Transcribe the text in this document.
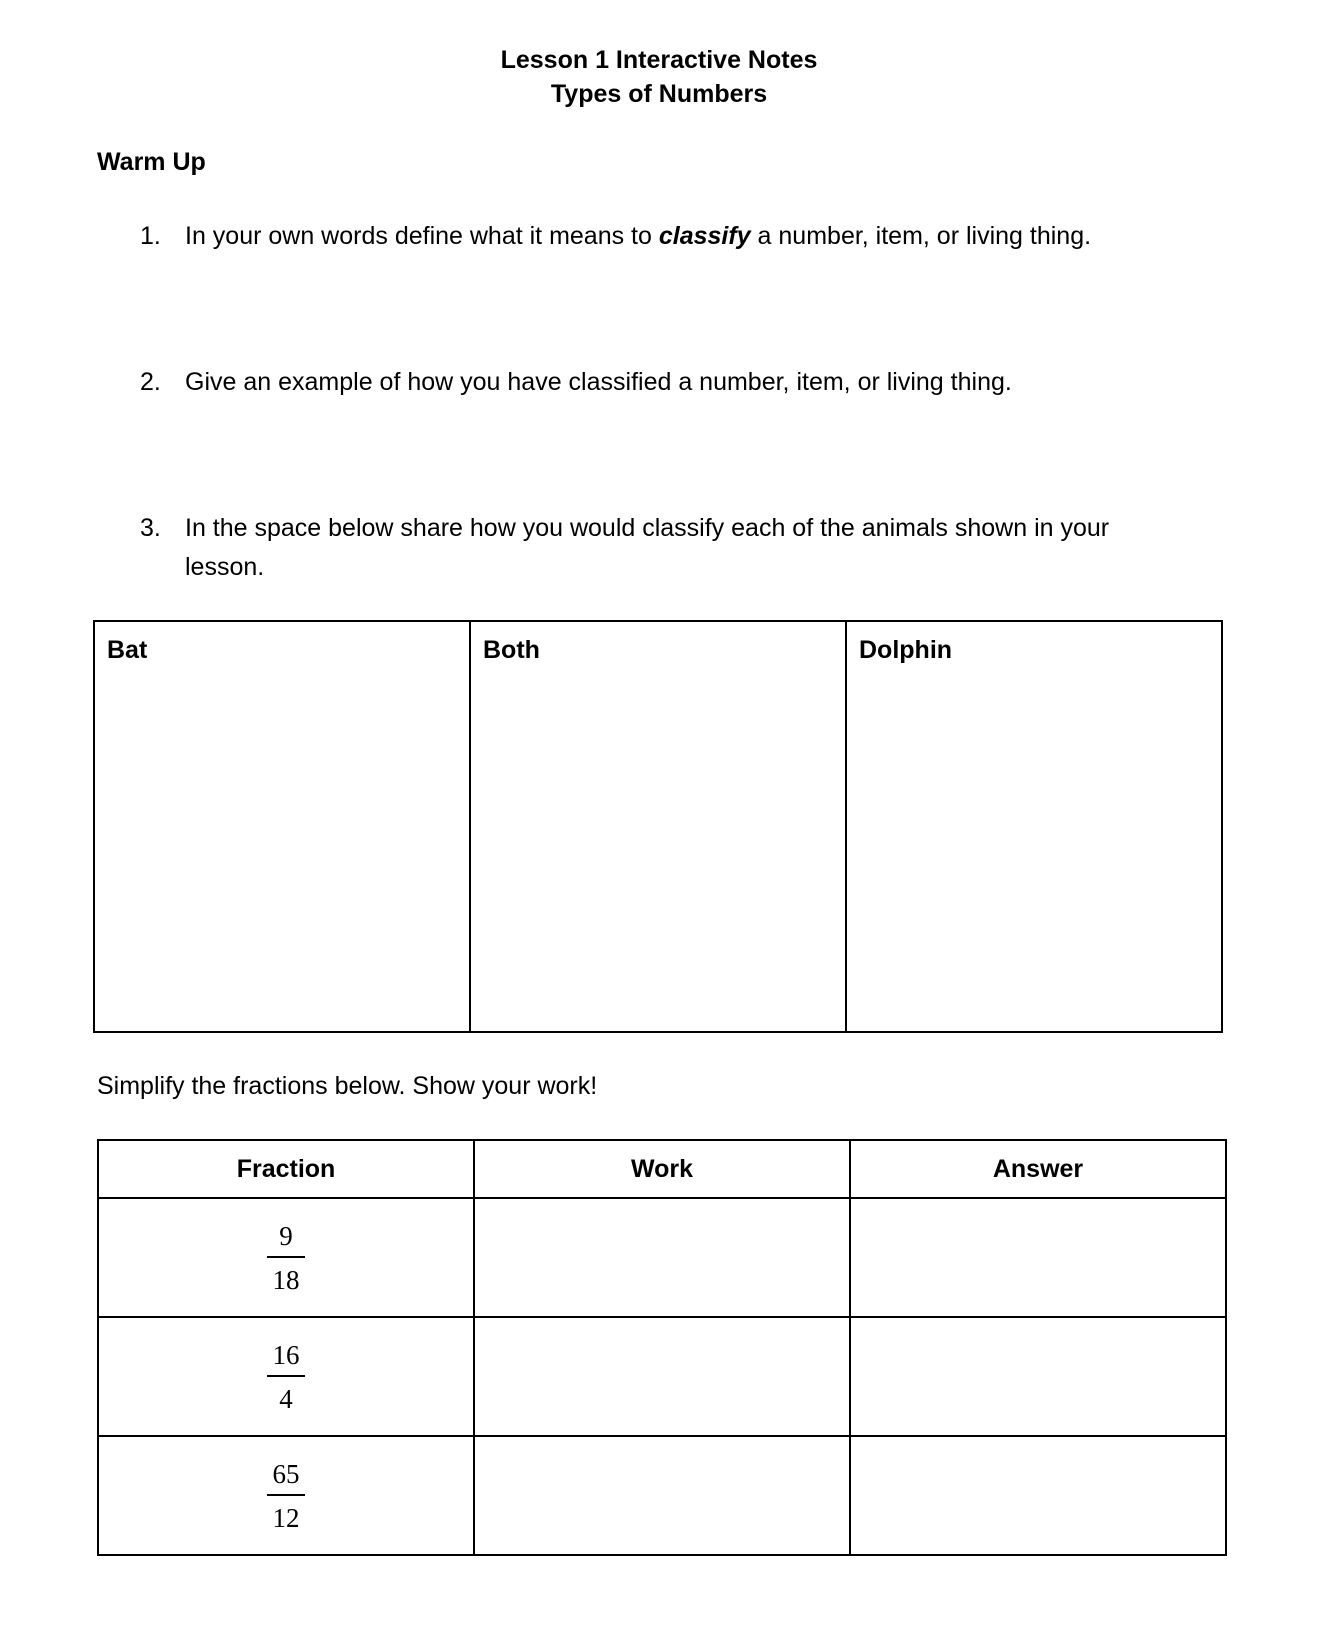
Lesson 1 Interactive Notes
Types of Numbers
Warm Up
1. In your own words define what it means to classify a number, item, or living thing.
2. Give an example of how you have classified a number, item, or living thing.
3. In the space below share how you would classify each of the animals shown in your lesson.
Bat	Both	Dolphin
Simplify the fractions below. Show your work!
Fraction	Work	Answer

$\frac{9}{18}$

$\frac{16}{4}$

$\frac{65}{12}$
